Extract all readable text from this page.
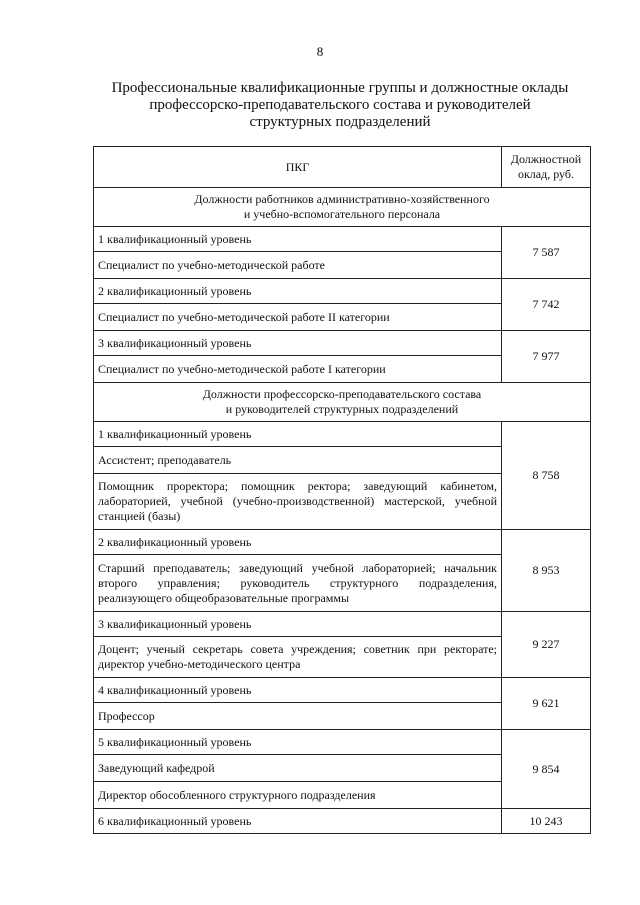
8
Профессиональные квалификационные группы и должностные оклады
профессорско-преподавательского состава и руководителей
структурных подразделений
ПКГ	Должностной
оклад, руб.

Должности работников административно-хозяйственного
и учебно-вспомогательного персонала	

1 квалификационный уровень	7 587
Специалист по учебно-методической работе	
2 квалификационный уровень	7 742
Специалист по учебно-методической работе II категории	
3 квалификационный уровень	7 977
Специалист по учебно-методической работе I категории	

Должности профессорско-преподавательского состава
и руководителей структурных подразделений	

1 квалификационный уровень	8 758
Ассистент; преподаватель	
Помощник проректора; помощник ректора; заведующий кабинетом, лабораторией, учебной (учебно-производственной) мастерской, учебной станцией (базы)	
2 квалификационный уровень	8 953
Старший преподаватель; заведующий учебной лабораторией; начальник второго управления; руководитель структурного подразделения, реализующего общеобразовательные программы	
3 квалификационный уровень	9 227
Доцент; ученый секретарь совета учреждения; советник при ректорате; директор учебно-методического центра	
4 квалификационный уровень	9 621
Профессор	
5 квалификационный уровень	9 854
Заведующий кафедрой	
Директор обособленного структурного подразделения	
6 квалификационный уровень	10 243
